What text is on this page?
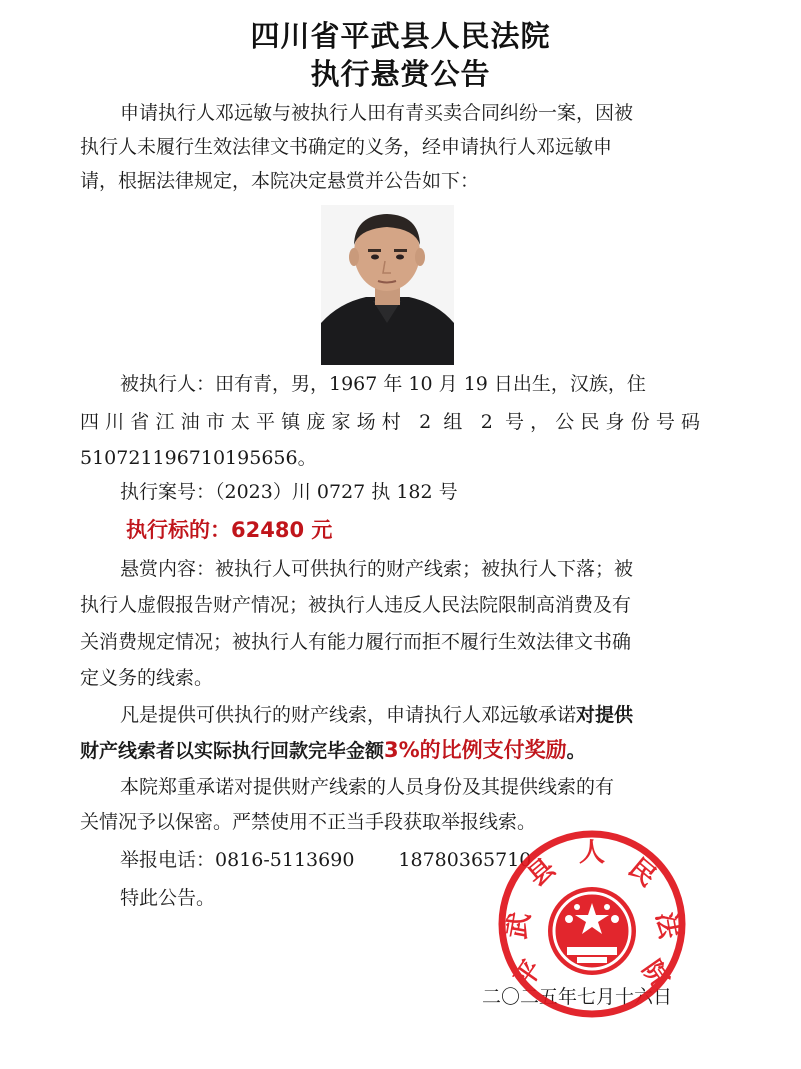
四川省平武县人民法院
执行悬赏公告
申请执行人邓远敏与被执行人田有青买卖合同纠纷一案，因被
执行人未履行生效法律文书确定的义务，经申请执行人邓远敏申
请，根据法律规定，本院决定悬赏并公告如下：
被执行人：田有青，男，1967 年 10 月 19 日出生，汉族，住
四川省江油市太平镇庞家场村 2 组 2 号，公民身份号码
510721196710195656。
执行案号：（2023）川 0727 执 182 号
执行标的：62480 元
悬赏内容：被执行人可供执行的财产线索；被执行人下落；被
执行人虚假报告财产情况；被执行人违反人民法院限制高消费及有
关消费规定情况；被执行人有能力履行而拒不履行生效法律文书确
定义务的线索。
凡是提供可供执行的财产线索，申请执行人邓远敏承诺对提供
财产线索者以实际执行回款完毕金额3%的比例支付奖励。
本院郑重承诺对提供财产线索的人员身份及其提供线索的有
关情况予以保密。严禁使用不正当手段获取举报线索。
举报电话：0816-5113690 18780365710
特此公告。
二〇二五年七月十六日
平
武
县
人
民
法
院
